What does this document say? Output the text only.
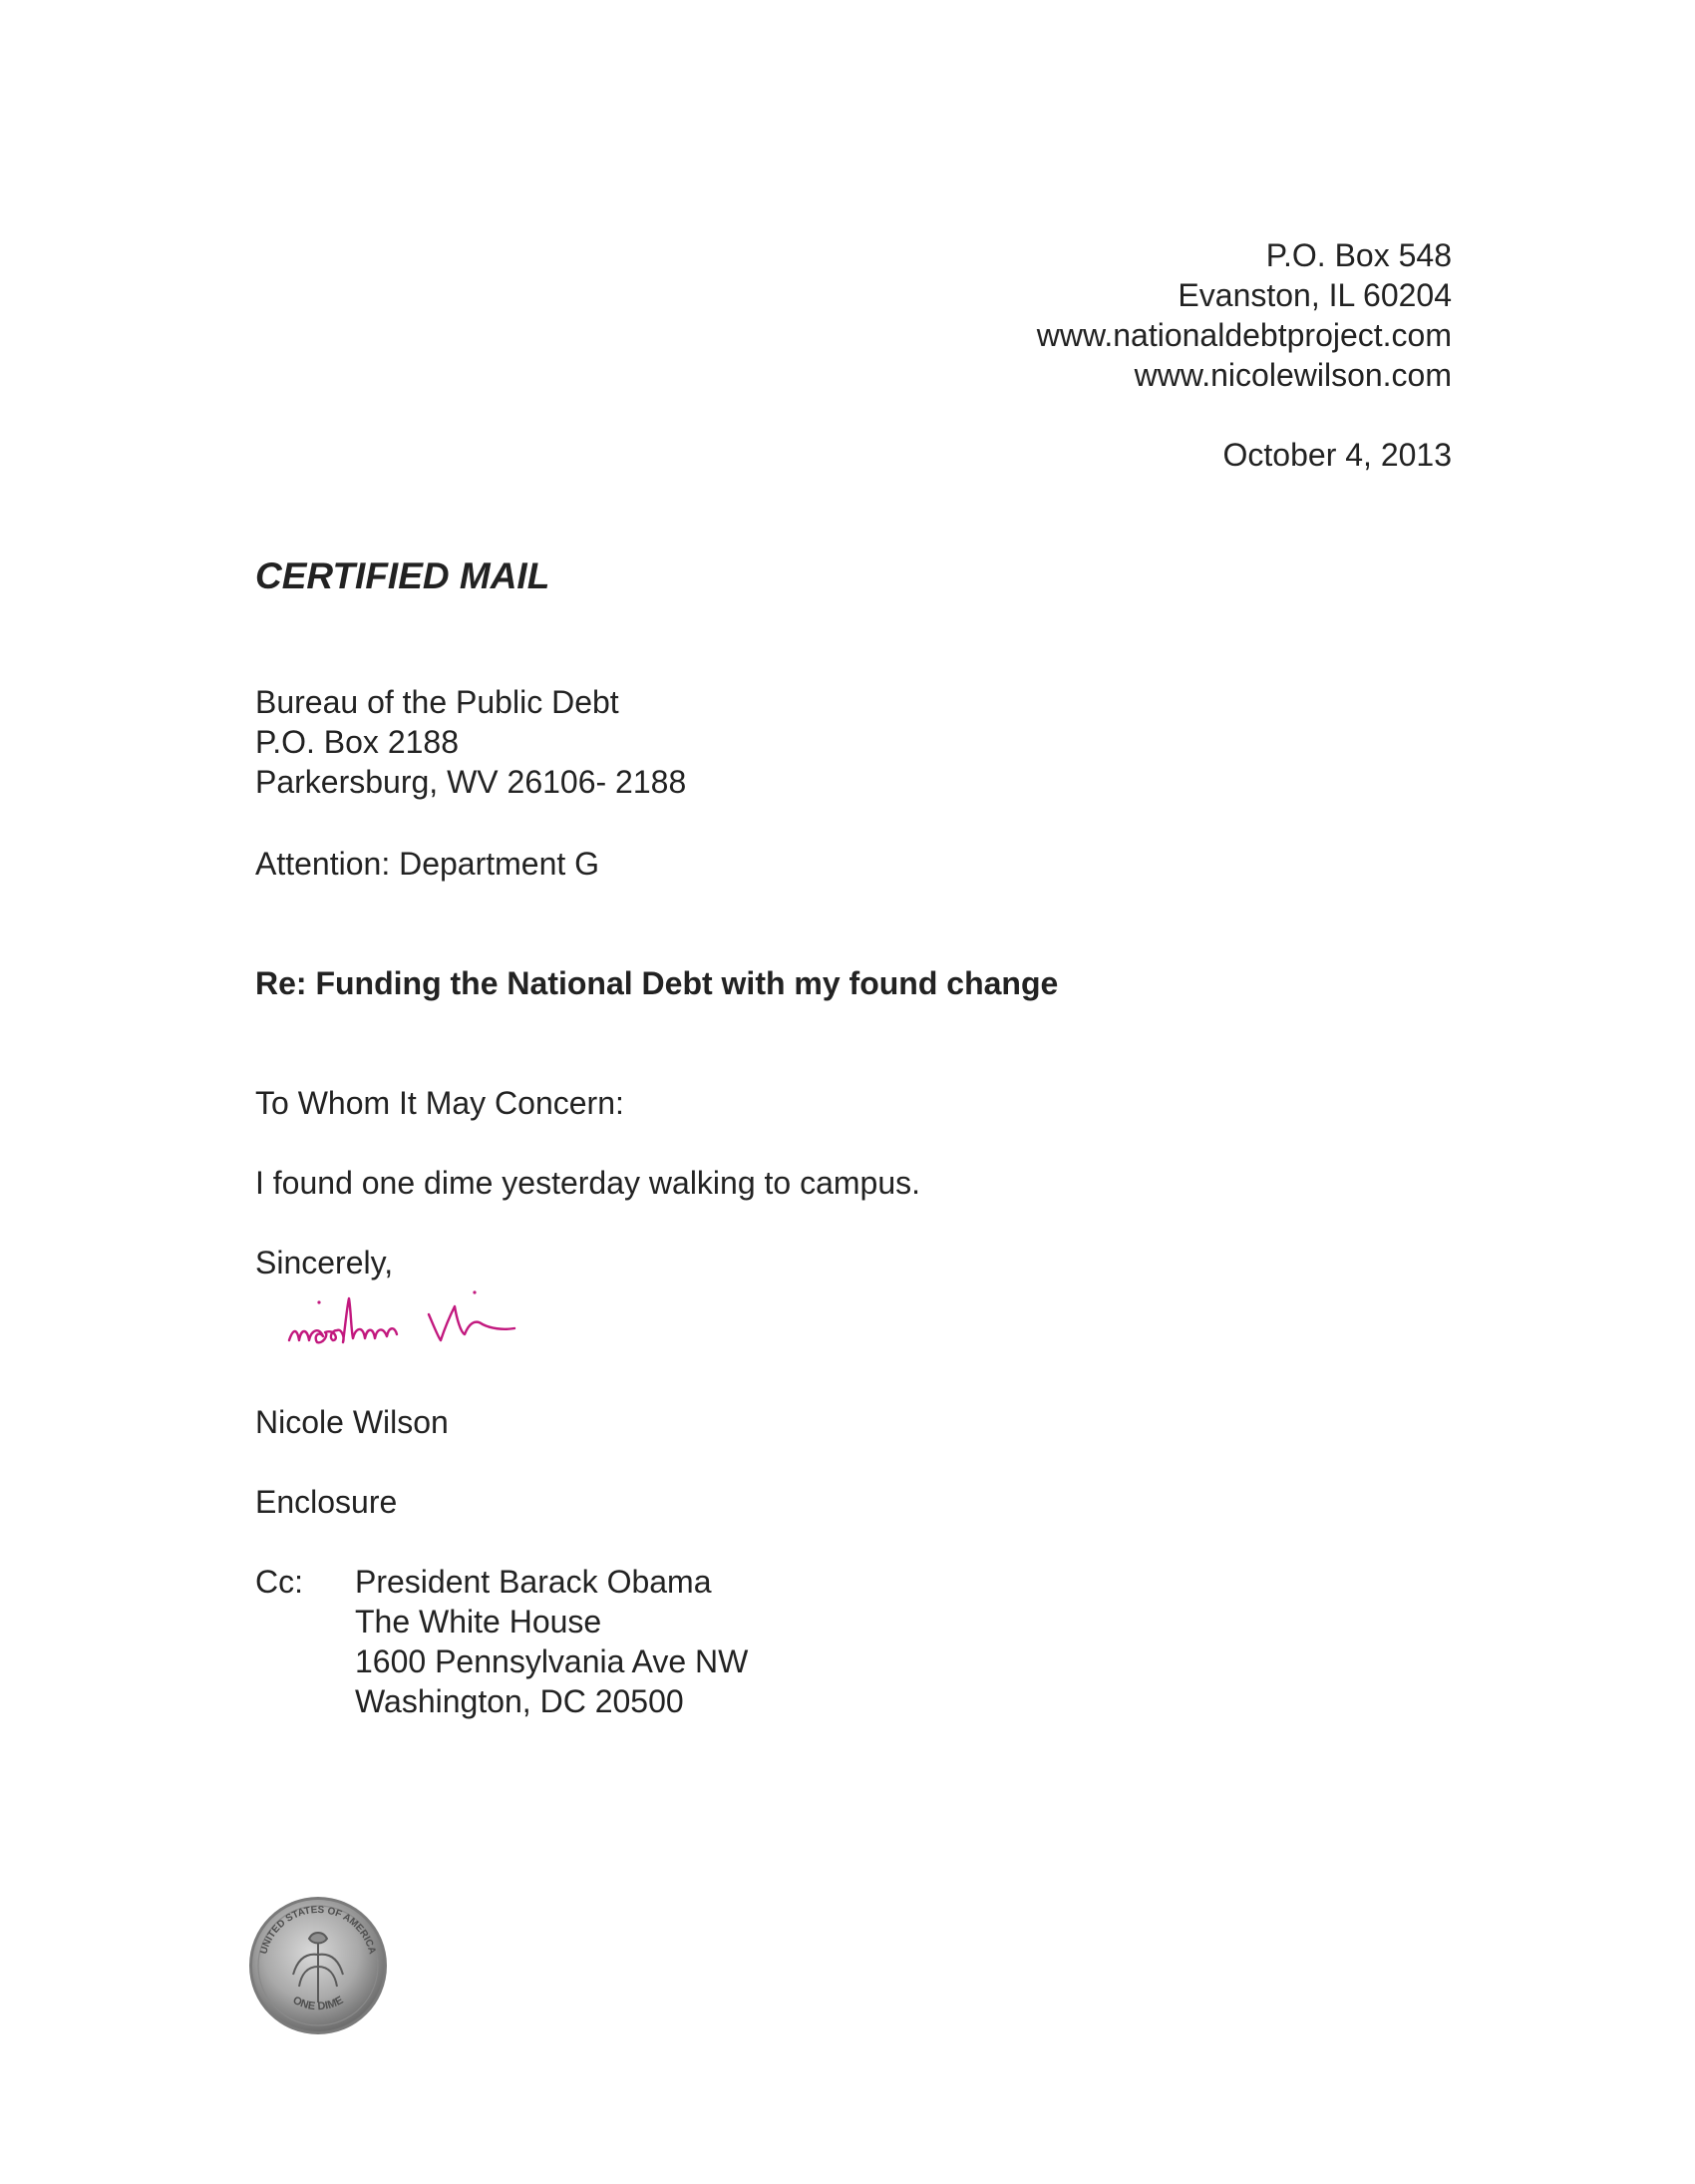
P.O. Box 548
Evanston, IL 60204
www.nationaldebtproject.com
www.nicolewilson.com
October 4, 2013
CERTIFIED MAIL
Bureau of the Public Debt
P.O. Box 2188
Parkersburg, WV 26106- 2188
Attention: Department G
Re: Funding the National Debt with my found change
To Whom It May Concern:
I found one dime yesterday walking to campus.
Sincerely,
Nicole Wilson
Enclosure
Cc: President Barack Obama
The White House
1600 Pennsylvania Ave NW
Washington, DC 20500
UNITED STATES OF AMERICA
ONE DIME
